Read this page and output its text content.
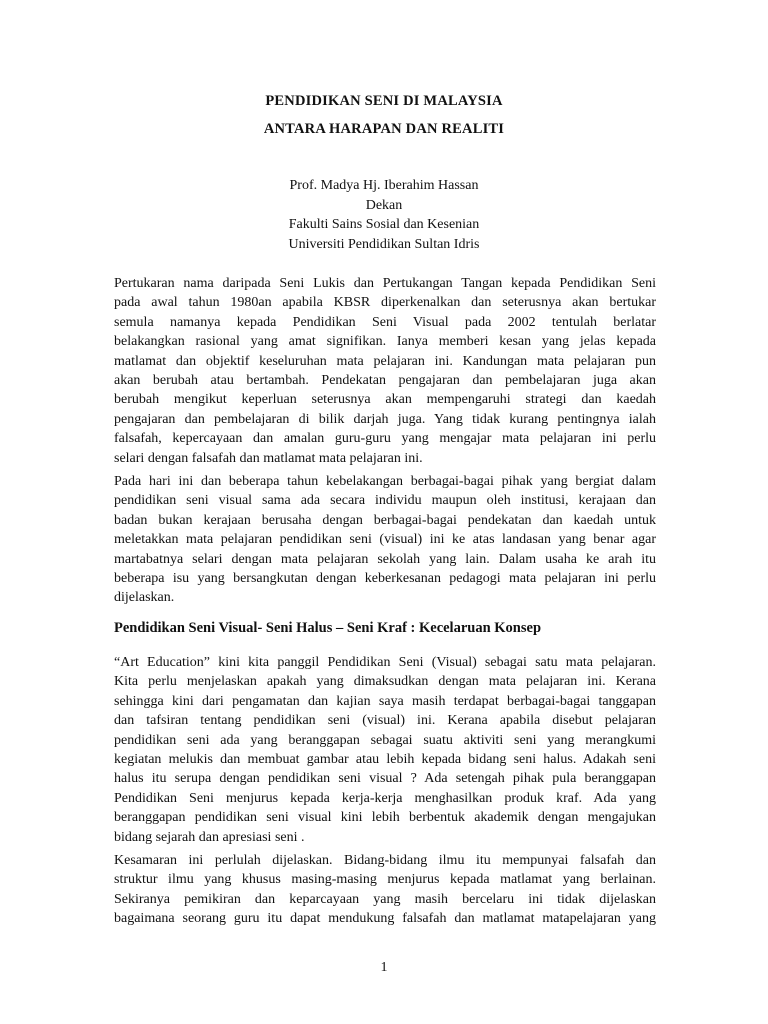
PENDIDIKAN SENI DI MALAYSIA
ANTARA HARAPAN DAN REALITI
Prof. Madya Hj. Iberahim Hassan
Dekan
Fakulti Sains Sosial dan Kesenian
Universiti Pendidikan Sultan Idris
Pertukaran nama daripada Seni Lukis dan Pertukangan Tangan kepada Pendidikan Seni
pada awal tahun 1980an apabila KBSR diperkenalkan dan seterusnya akan bertukar
semula namanya kepada Pendidikan Seni Visual pada 2002 tentulah berlatar
belakangkan rasional yang amat signifikan. Ianya memberi kesan yang jelas kepada
matlamat dan objektif keseluruhan mata pelajaran ini. Kandungan mata pelajaran pun
akan berubah atau bertambah. Pendekatan pengajaran dan pembelajaran juga akan
berubah mengikut keperluan seterusnya akan mempengaruhi strategi dan kaedah
pengajaran dan pembelajaran di bilik darjah juga. Yang tidak kurang pentingnya ialah
falsafah, kepercayaan dan amalan guru-guru yang mengajar mata pelajaran ini perlu
selari dengan falsafah dan matlamat mata pelajaran ini.
Pada hari ini dan beberapa tahun kebelakangan berbagai-bagai pihak yang bergiat dalam
pendidikan seni visual sama ada secara individu maupun oleh institusi, kerajaan dan
badan bukan kerajaan berusaha dengan berbagai-bagai pendekatan dan kaedah untuk
meletakkan mata pelajaran pendidikan seni (visual) ini ke atas landasan yang benar agar
martabatnya selari dengan mata pelajaran sekolah yang lain. Dalam usaha ke arah itu
beberapa isu yang bersangkutan dengan keberkesanan pedagogi mata pelajaran ini perlu
dijelaskan.
Pendidikan Seni Visual- Seni Halus – Seni Kraf : Kecelaruan Konsep
“Art Education” kini kita panggil Pendidikan Seni (Visual) sebagai satu mata pelajaran.
Kita perlu menjelaskan apakah yang dimaksudkan dengan mata pelajaran ini. Kerana
sehingga kini dari pengamatan dan kajian saya masih terdapat berbagai-bagai tanggapan
dan tafsiran tentang pendidikan seni (visual) ini. Kerana apabila disebut pelajaran
pendidikan seni ada yang beranggapan sebagai suatu aktiviti seni yang merangkumi
kegiatan melukis dan membuat gambar atau lebih kepada bidang seni halus. Adakah seni
halus itu serupa dengan pendidikan seni visual ? Ada setengah pihak pula beranggapan
Pendidikan Seni menjurus kepada kerja-kerja menghasilkan produk kraf. Ada yang
beranggapan pendidikan seni visual kini lebih berbentuk akademik dengan mengajukan
bidang sejarah dan apresiasi seni .
Kesamaran ini perlulah dijelaskan. Bidang-bidang ilmu itu mempunyai falsafah dan
struktur ilmu yang khusus masing-masing menjurus kepada matlamat yang berlainan.
Sekiranya pemikiran dan keparcayaan yang masih bercelaru ini tidak dijelaskan
bagaimana seorang guru itu dapat mendukung falsafah dan matlamat matapelajaran yang
1
